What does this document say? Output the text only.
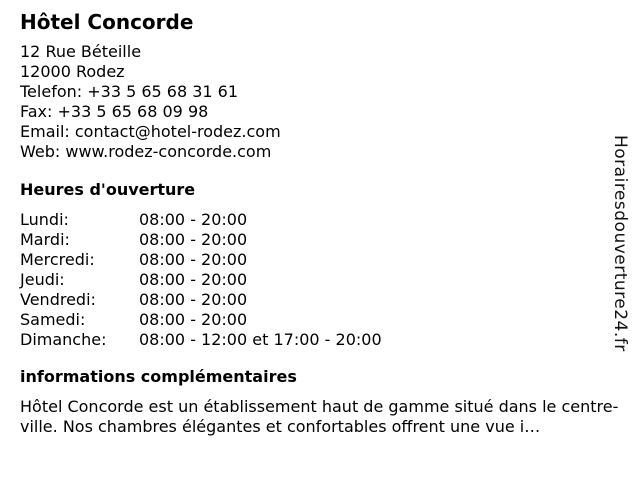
Hôtel Concorde
12 Rue Béteille
12000 Rodez
Telefon: +33 5 65 68 31 61
Fax: +33 5 65 68 09 98
Email: contact@hotel-rodez.com
Web: www.rodez-concorde.com
Heures d'ouverture
Lundi:	08:00 - 20:00
Mardi:	08:00 - 20:00
Mercredi:	08:00 - 20:00
Jeudi:	08:00 - 20:00
Vendredi:	08:00 - 20:00
Samedi:	08:00 - 20:00
Dimanche:	08:00 - 12:00 et 17:00 - 20:00
informations complémentaires
Hôtel Concorde est un établissement haut de gamme situé dans le centre-ville. Nos chambres élégantes et confortables offrent une vue i…
Horairesdouverture24.fr
